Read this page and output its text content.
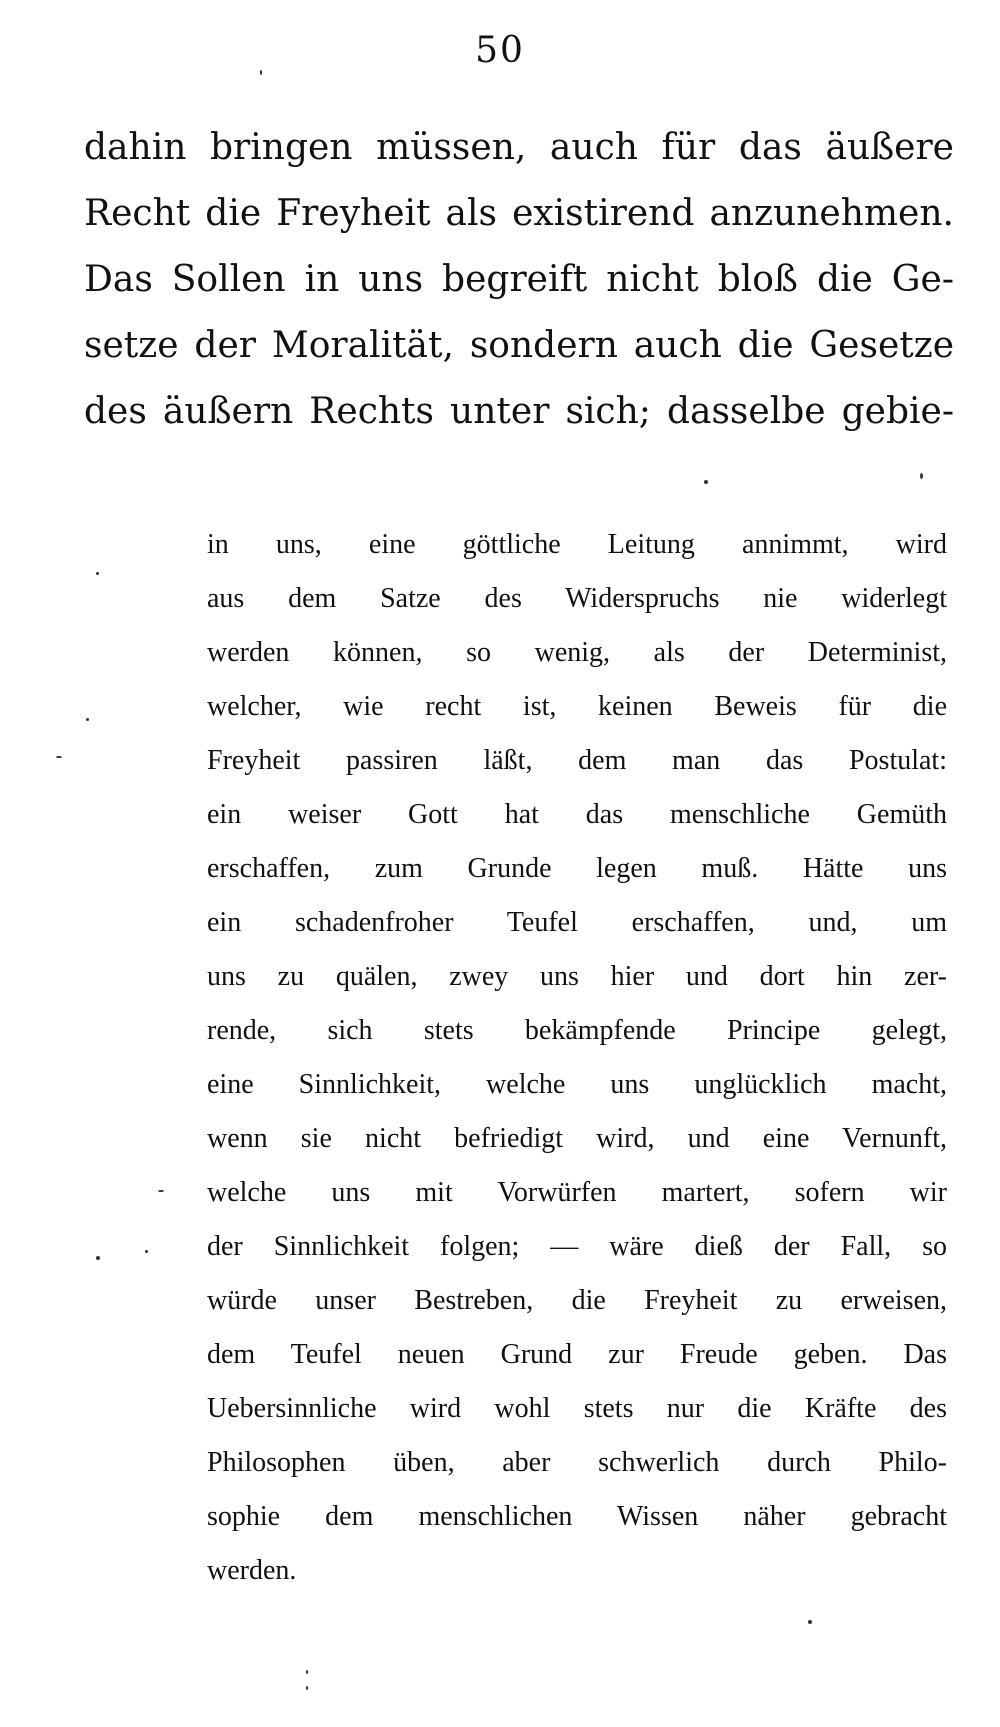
50
dahin bringen müssen, auch für das äußere
Recht die Freyheit als existirend anzunehmen.
Das Sollen in uns begreift nicht bloß die Ge-
setze der Moralität, sondern auch die Gesetze
des äußern Rechts unter sich; dasselbe gebie-
in uns, eine göttliche Leitung annimmt, wird
aus dem Satze des Widerspruchs nie widerlegt
werden können, so wenig, als der Determinist,
welcher, wie recht ist, keinen Beweis für die
Freyheit passiren läßt, dem man das Postulat:
ein weiser Gott hat das menschliche Gemüth
erschaffen, zum Grunde legen muß. Hätte uns
ein schadenfroher Teufel erschaffen, und, um
uns zu quälen, zwey uns hier und dort hin zer-
rende, sich stets bekämpfende Principe gelegt,
eine Sinnlichkeit, welche uns unglücklich macht,
wenn sie nicht befriedigt wird, und eine Vernunft,
welche uns mit Vorwürfen martert, sofern wir
der Sinnlichkeit folgen; — wäre dieß der Fall, so
würde unser Bestreben, die Freyheit zu erweisen,
dem Teufel neuen Grund zur Freude geben. Das
Uebersinnliche wird wohl stets nur die Kräfte des
Philosophen üben, aber schwerlich durch Philo-
sophie dem menschlichen Wissen näher gebracht
werden.
